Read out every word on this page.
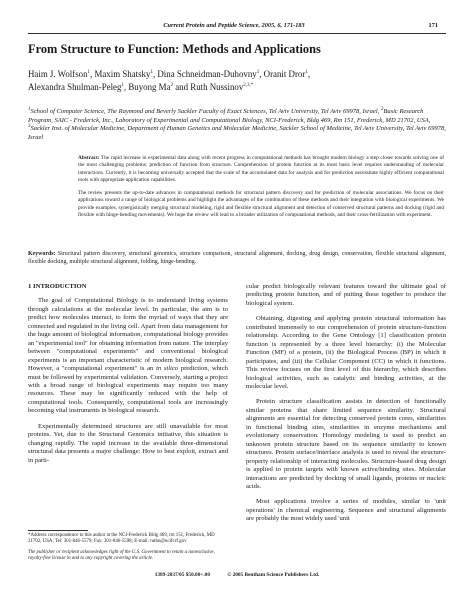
Current Protein and Peptide Science, 2005, 6, 171-183	171
From Structure to Function: Methods and Applications
Haim J. Wolfson$^1$, Maxim Shatsky$^1$, Dina Schneidman-Duhovny$^1$, Oranit Dror$^1$,
Alexandra Shulman-Peleg$^1$, Buyong Ma$^2$ and Ruth Nussinov$^{2,3,*}$
$^1$School of Computer Science, The Raymond and Beverly Sackler Faculty of Exact Sciences, Tel Aviv University, Tel Aviv 69978, Israel, $^2$Basic Research Program, SAIC - Frederick, Inc., Laboratory of Experimental and Computational Biology, NCI-Frederick, Bldg 469, Rm 151, Frederick, MD 21702, USA, $^3$Sackler Inst. of Molecular Medicine, Department of Human Genetics and Molecular Medicine, Sackler School of Medicine, Tel Aviv University, Tel Aviv 69978, Israel

Abstract: The rapid increase in experimental data along with recent progress in computational methods has brought modern biology a step closer towards solving one of the most challenging problems: prediction of function from structure. Comprehension of protein function at its most basic level requires understanding of molecular interactions. Currently, it is becoming universally accepted that the scale of the accumulated data for analysis and for prediction necessitate highly efficient computational tools with appropriate application capabilities.

The review presents the up-to-date advances in computational methods for structural pattern discovery and for prediction of molecular associations. We focus on their applications toward a range of biological problems and highlight the advantages of the combination of these methods and their integration with biological experiments. We provide examples, synergistically merging structural modeling, rigid and flexible structural alignment and detection of conserved structural patterns and docking (rigid and flexible with hinge-bending movements). We hope the review will lead to a broader utilization of computational methods, and their cross-fertilization with experiment.

Keywords: Structural pattern discovery, structural genomics, structure comparison, structural alignment, docking, drug design, conservation, flexible structural alignment, flexible docking, multiple structural alignment, folding, hinge-bending.
1 INTRODUCTION

The goal of Computational Biology is to understand living systems through calculations at the molecular level. In particular, the aim is to predict how molecules interact, to form the myriad of ways that they are connected and regulated in the living cell. Apart from data management for the huge amount of biological information, computational biology provides an "experimental tool" for obtaining information from nature. The interplay between "computational experiments" and conventional biological experiments is an important characteristic of modern biological research. However, a "computational experiment" is an in silico prediction, which must be followed by experimental validation. Conversely, starting a project with a broad range of biological experiments may require too many resources. These may be significantly reduced with the help of computational tools. Consequently, computational tools are increasingly becoming vital instruments in biological research.

Experimentally determined structures are still unavailable for most proteins. Yet, due to the Structural Genomics initiative, this situation is changing rapidly. The rapid increase in the available three-dimensional structural data presents a major challenge: How to best exploit, extract and in parti-

cular predict biologically relevant features toward the ultimate goal of predicting protein function, and of putting these together to produce the biological system.

Obtaining, digesting and applying protein structural information has contributed immensely to our comprehension of protein structure-function relationship. According to the Gene Ontology [1] classification protein function is represented by a three level hierarchy: (i) the Molecular Function (MF) of a protein, (ii) the Biological Process (BP) in which it participates, and (iii) the Cellular Component (CC) in which it functions. This review focuses on the first level of this hierarchy, which describes biological activities, such as catalytic and binding activities, at the molecular level.

Protein structure classification assists in detection of functionally similar proteins that share limited sequence similarity. Structural alignments are essential for detecting conserved protein cores, similarities in functional binding sites, similarities in enzyme mechanisms and evolutionary conservation. Homology modeling is used to predict an unknown protein structure based on its sequence similarity to known structures. Protein surface/interface analysis is used to reveal the structure-property relationship of interacting molecules. Structure-based drug design is applied to protein targets with known active/binding sites. Molecular interactions are predicted by docking of small ligands, proteins or nucleic acids.

Most applications involve a series of modules, similar to 'unit operations' in chemical engineering. Sequence and structural alignments are probably the most widely used 'unit

*Address correspondence to this author at the NCI-Frederick Bldg 469, rm 151, Frederick, MD 21702, USA; Tel: 301-846-5579; Fax: 301-846-5598; E-mail: ruthn@ncifcrf.gov

The publisher or recipient acknowledges right of the U.S. Government to retain a nonexclusive, royalty-free license in and to any copyright covering the article.

1389-2037/05 $50.00+.00	© 2005 Bentham Science Publishers Ltd.
